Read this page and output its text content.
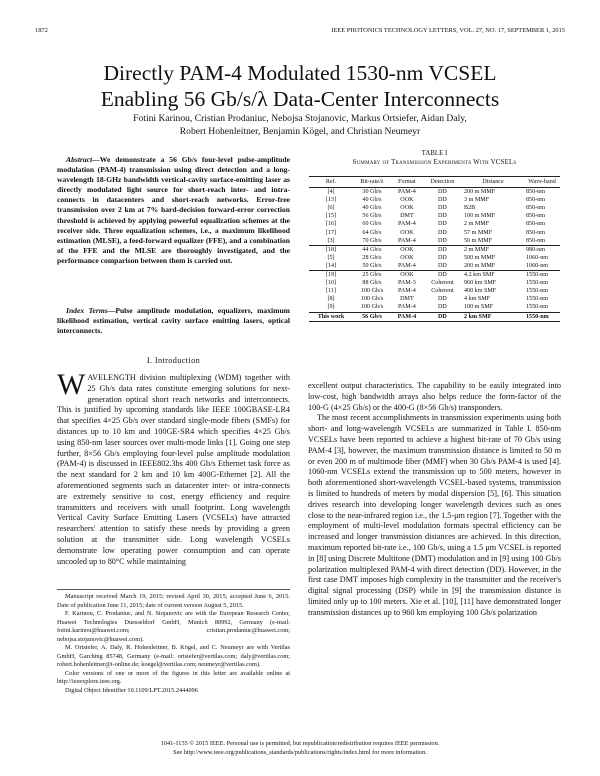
1872	IEEE PHOTONICS TECHNOLOGY LETTERS, VOL. 27, NO. 17, SEPTEMBER 1, 2015
Directly PAM-4 Modulated 1530-nm VCSEL
Enabling 56 Gb/s/λ Data-Center Interconnects
Fotini Karinou, Cristian Prodaniuc, Nebojsa Stojanovic, Markus Ortsiefer, Aidan Daly,
Robert Hohenleitner, Benjamin Kögel, and Christian Neumeyr

Abstract—We demonstrate a 56 Gb/s four-level pulse-amplitude modulation (PAM-4) transmission using direct detection and a long-wavelength 18-GHz bandwidth vertical-cavity surface-emitting laser as directly modulated light source for short-reach inter- and intra-connects in datacenters and short-reach networks. Error-free transmission over 2 km at 7% hard-decision forward-error correction threshold is achieved by applying powerful equalization schemes at the receiver side. Three equalization schemes, i.e., a maximum likelihood estimation (MLSE), a feed-forward equalizer (FFE), and a combination of the FFE and the MLSE are thoroughly investigated, and the performance comparison between them is carried out.

Index Terms—Pulse amplitude modulation, equalizers, maximum likelihood estimation, vertical cavity surface emitting lasers, optical interconnects.

I. Introduction

WAVELENGTH division multiplexing (WDM) together with 25 Gb/s data rates constitute emerging solutions for next-generation optical short reach networks and interconnects. This is justified by upcoming standards like IEEE 100GBASE-LR4 that specifies 4×25 Gb/s over standard single-mode fibers (SMFs) for distances up to 10 km and 100GE-SR4 which specifies 4×25 Gb/s using 850-nm laser sources over multi-mode links [1]. Going one step further, 8×56 Gb/s employing four-level pulse amplitude modulation (PAM-4) is discussed in IEEE802.3bs 400 Gb/s Ethernet task force as the next standard for 2 km and 10 km 400G-Ethernet [2]. All the aforementioned segments such as datacenter inter- or intra-connects are extremely sensitive to cost, energy efficiency and require transmitters and receivers with small footprint. Long wavelength Vertical Cavity Surface Emitting Lasers (VCSELs) have attracted researchers' attention to satisfy these needs by providing a green solution at the transmitter side. Long wavelength VCSELs demonstrate low operating power consumption and can operate uncooled up to 80°C while maintaining

Manuscript received March 19, 2015; revised April 30, 2015; accepted June 6, 2015. Date of publication June 11, 2015; date of current version August 5, 2015.
F. Karinou, C. Prodaniuc, and N. Stojanovic are with the European Research Center, Huawei Technologies Duesseldorf GmbH, Munich 80992, Germany (e-mail: fotini.karinou@huawei.com; cristian.prodaniuc@huawei.com; nebojsa.stojanovic@huawei.com).
M. Ortsiefer, A. Daly, R. Hohenleitner, B. Kögel, and C. Neumeyr are with Vertilas GmbH, Garching 85748, Germany (e-mail: ortsiefer@vertilas.com; daly@vertilas.com; robert.hohenleitner@t-online.de; koegel@vertilas.com; neumeyr@vertilas.com).
Color versions of one or more of the figures in this letter are available online at http://ieeexplore.ieee.org.
Digital Object Identifier 10.1109/LPT.2015.2444096
TABLE I
Summary of Transmission Experiments With VCSELs
Ref.	Bit-rate/λ	Format	Detection	Distance	Wave-band
[4]	30 Gb/s	PAM-4	DD	200 m MMF	850-nm
[13]	40 Gb/s	OOK	DD	3 m MMF	850-nm
[6]	40 Gb/s	OOK	DD	B2B	850-nm
[15]	56 Gb/s	DMT	DD	100 m MMF	850-nm
[16]	60 Gb/s	PAM-4	DD	2 m MMF	850-nm
[17]	64 Gb/s	OOK	DD	57 m MMF	850-nm
[3]	70 Gb/s	PAM-4	DD	50 m MMF	850-nm
[18]	44 Gb/s	OOK	DD	2 m MMF	980-nm
[5]	28 Gb/s	OOK	DD	500 m MMF	1060-nm
[14]	50 Gb/s	PAM-4	DD	200 m MMF	1060-nm
[19]	25 Gb/s	OOK	DD	4.2 km SMF	1550-nm
[10]	88 Gb/s	PAM-3	Coherent	960 km SMF	1550-nm
[11]	100 Gb/s	PAM-4	Coherent	400 km SMF	1550-nm
[8]	100 Gb/s	DMT	DD	4 km SMF	1550-nm
[9]	100 Gb/s	PAM-4	DD	100 m SMF	1550-nm
This work	56 Gb/s	PAM-4	DD	2 km SMF	1550-nm

excellent output characteristics. The capability to be easily integrated into low-cost, high bandwidth arrays also helps reduce the form-factor of the 100-G (4×25 Gb/s) or the 400-G (8×56 Gb/s) transponders.

The most recent accomplishments in transmission experiments using both short- and long-wavelength VCSELs are summarized in Table I. 850-nm VCSELs have been reported to achieve a highest bit-rate of 70 Gb/s using PAM-4 [3], however, the maximum transmission distance is limited to 50 m or even 200 m of multimode fiber (MMF) when 30 Gb/s PAM-4 is used [4]. 1060-nm VCSELs extend the transmission up to 500 meters, however in both aforementioned short-wavelength VCSEL-based systems, transmission is limited to hundreds of meters by modal dispersion [5], [6]. This situation drives research into developing longer wavelength devices such as ones close to the near-infrared region i.e., the 1.5-μm region [7]. Together with the employment of multi-level modulation formats spectral efficiency can be increased and longer transmission distances are achieved. In this direction, maximum reported bit-rate i.e., 100 Gb/s, using a 1.5 μm VCSEL is reported in [8] using Discrete Multitone (DMT) modulation and in [9] using 100 Gb/s polarization multiplexed PAM-4 with direct detection (DD). However, in the first case DMT imposes high complexity in the transmitter and the receiver's digital signal processing (DSP) while in [9] the transmission distance is limited only up to 100 meters. Xie et al. [10], [11] have demonstrated longer transmission distances up to 960 km employing 100 Gb/s polarization

1041-1135 © 2015 IEEE. Personal use is permitted, but republication/redistribution requires IEEE permission.
See http://www.ieee.org/publications_standards/publications/rights/index.html for more information.
